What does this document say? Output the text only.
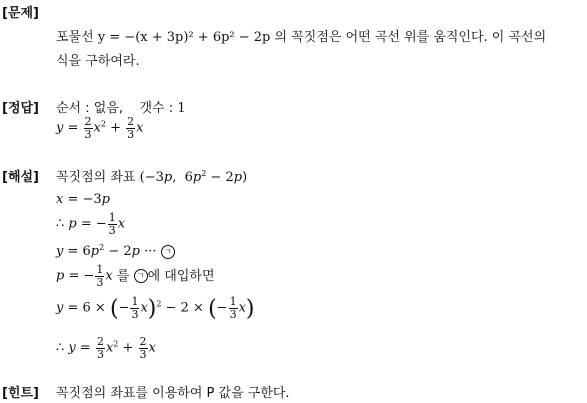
[문제]
포물선 y = −(x + 3p)² + 6p² − 2p 의 꼭짓점은 어떤 곡선 위를 움직인다. 이 곡선의
식을 구하여라.
[정답] 순서 : 없음, 갯수 : 1
$y = \frac{2}{3} x^2 + \frac{2}{3}$ x
[해설] 꼭짓점의 좌표 (−3p,  $6p^2 - 2p$)
x = −3p
∴ p = − $\frac{1}{3}$ x
$y = 6p^2 - 2p$ ··· ㄱ
p = − $\frac{1}{3}$ x 를 ㄱ 에 대입하면
y = 6 × (− $\frac{1}{3} x)^2 - 2$ × (− $\frac{1}{3} x$)
∴ $y = \frac{2}{3} x^2 + \frac{2}{3}$ x
[힌트] 꼭짓점의 좌표를 이용하여 P 값을 구한다.
